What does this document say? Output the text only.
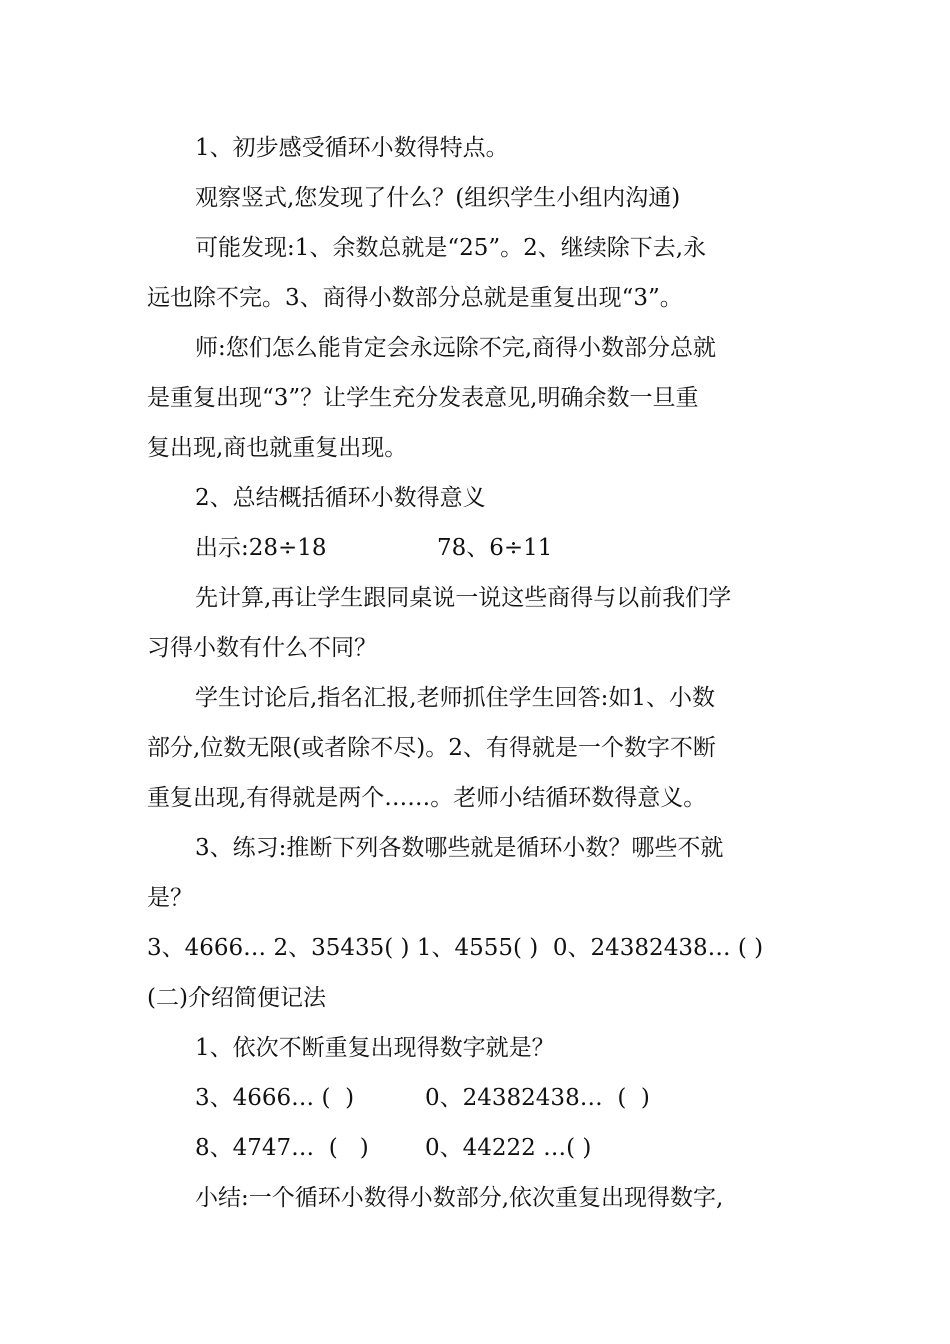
1、初步感受循环小数得特点。

观察竖式,您发现了什么？(组织学生小组内沟通)

可能发现:1、余数总就是“25”。2、继续除下去,永

远也除不完。3、商得小数部分总就是重复出现“3”。

师:您们怎么能肯定会永远除不完,商得小数部分总就

是重复出现“3”？让学生充分发表意见,明确余数一旦重

复出现,商也就重复出现。

2、总结概括循环小数得意义

出示:28÷18	78、6÷11

先计算,再让学生跟同桌说一说这些商得与以前我们学

习得小数有什么不同？

学生讨论后,指名汇报,老师抓住学生回答:如1、小数

部分,位数无限(或者除不尽)。2、有得就是一个数字不断

重复出现,有得就是两个……。老师小结循环数得意义。

3、练习:推断下列各数哪些就是循环小数？哪些不就

是？

3、4666… 2、35435( ) 1、4555( )  0、24382438… ( )

(二)介绍简便记法

1、依次不断重复出现得数字就是？

3、4666… (  )	0、24382438…  (  )

8、4747…  (   ) 0、44222 …( )

小结:一个循环小数得小数部分,依次重复出现得数字,
